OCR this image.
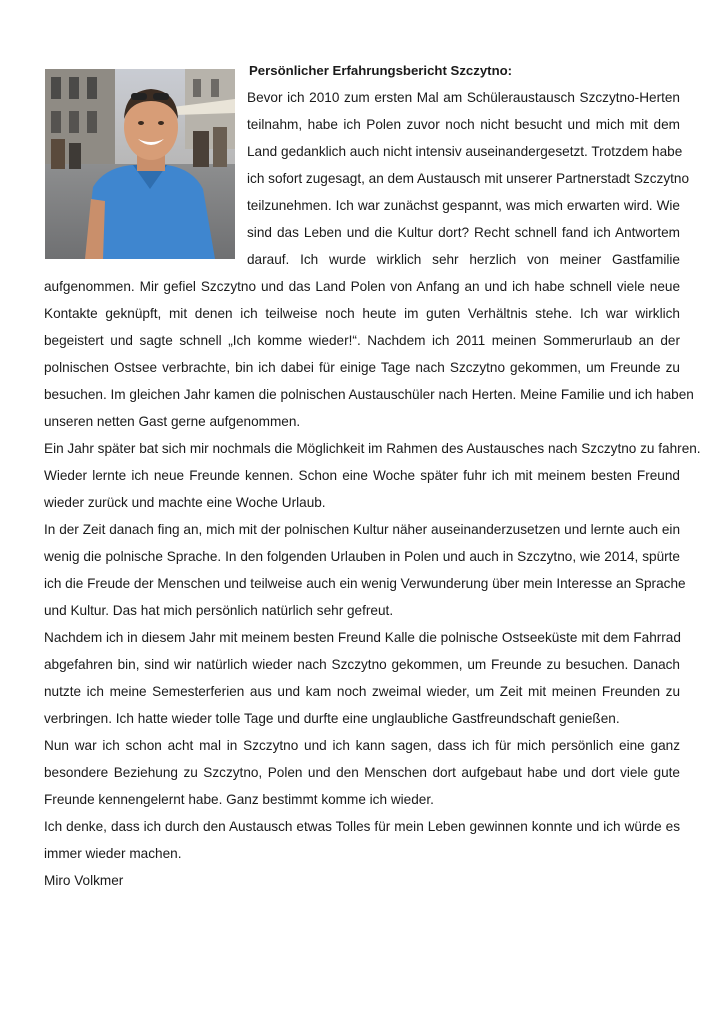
Persönlicher Erfahrungsbericht Szczytno:

Bevor ich 2010 zum ersten Mal am Schüleraustausch Szczytno-Herten

teilnahm, habe ich Polen zuvor noch nicht besucht und mich mit dem

Land gedanklich auch nicht intensiv auseinandergesetzt. Trotzdem habe

ich sofort zugesagt, an dem Austausch mit unserer Partnerstadt Szczytno

teilzunehmen. Ich war zunächst gespannt, was mich erwarten wird. Wie

sind das Leben und die Kultur dort? Recht schnell fand ich Antwortem

darauf. Ich wurde wirklich sehr herzlich von meiner Gastfamilie

aufgenommen. Mir gefiel Szczytno und das Land Polen von Anfang an und ich habe schnell viele neue

Kontakte geknüpft, mit denen ich teilweise noch heute im guten Verhältnis stehe. Ich war wirklich

begeistert und sagte schnell „Ich komme wieder!“. Nachdem ich 2011 meinen Sommerurlaub an der

polnischen Ostsee verbrachte, bin ich dabei für einige Tage nach Szczytno gekommen, um Freunde zu

besuchen. Im gleichen Jahr kamen die polnischen Austauschüler nach Herten. Meine Familie und ich haben

unseren netten Gast gerne aufgenommen.

Ein Jahr später bat sich mir nochmals die Möglichkeit im Rahmen des Austausches nach Szczytno zu fahren.

Wieder lernte ich neue Freunde kennen. Schon eine Woche später fuhr ich mit meinem besten Freund

wieder zurück und machte eine Woche Urlaub.

In der Zeit danach fing an, mich mit der polnischen Kultur näher auseinanderzusetzen und lernte auch ein

wenig die polnische Sprache. In den folgenden Urlauben in Polen und auch in Szczytno, wie 2014, spürte

ich die Freude der Menschen und teilweise auch ein wenig Verwunderung über mein Interesse an Sprache

und Kultur. Das hat mich persönlich natürlich sehr gefreut.

Nachdem ich in diesem Jahr mit meinem besten Freund Kalle die polnische Ostseeküste mit dem Fahrrad

abgefahren bin, sind wir natürlich wieder nach Szczytno gekommen, um Freunde zu besuchen. Danach

nutzte ich meine Semesterferien aus und kam noch zweimal wieder, um Zeit mit meinen Freunden zu

verbringen. Ich hatte wieder tolle Tage und durfte eine unglaubliche Gastfreundschaft genießen.

Nun war ich schon acht mal in Szczytno und ich kann sagen, dass ich für mich persönlich eine ganz

besondere Beziehung zu Szczytno, Polen und den Menschen dort aufgebaut habe und dort viele gute

Freunde kennengelernt habe. Ganz bestimmt komme ich wieder.

Ich denke, dass ich durch den Austausch etwas Tolles für mein Leben gewinnen konnte und ich würde es

immer wieder machen.

Miro Volkmer
